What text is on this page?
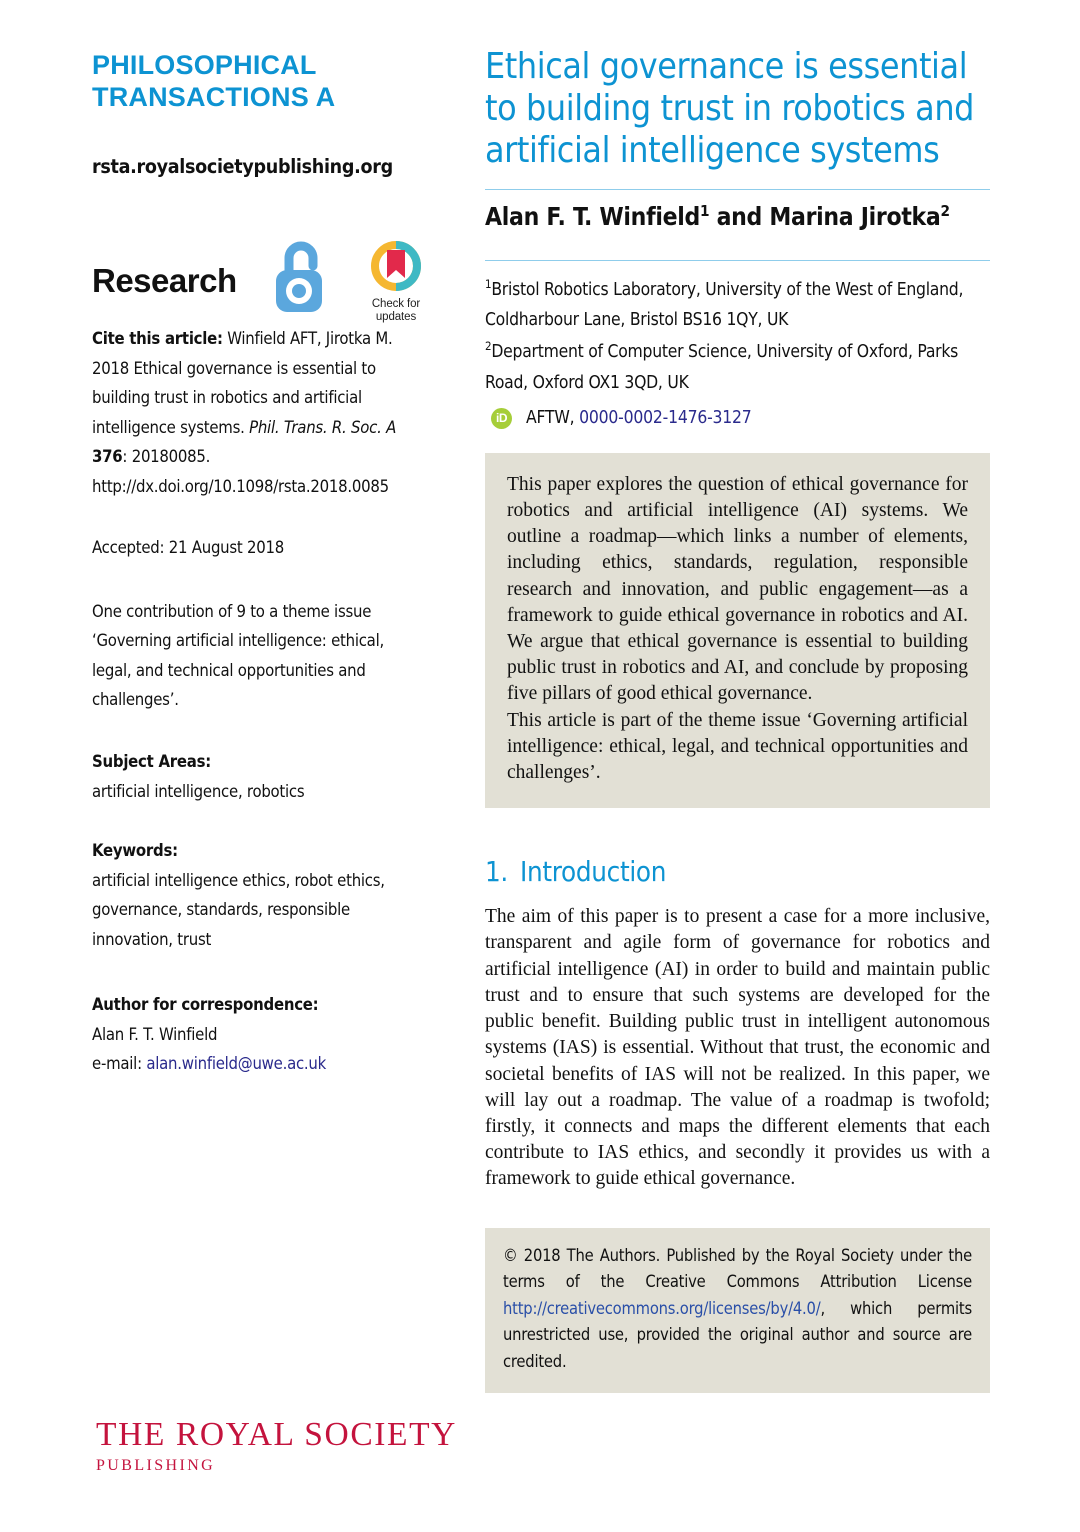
PHILOSOPHICAL
TRANSACTIONS A
rsta.royalsocietypublishing.org
Research
Check for
updates
Cite this article: Winfield AFT, Jirotka M. 2018 Ethical governance is essential to building trust in robotics and artificial intelligence systems. Phil. Trans. R. Soc. A 376: 20180085.
http://dx.doi.org/10.1098/rsta.2018.0085
Accepted: 21 August 2018
One contribution of 9 to a theme issue ‘Governing artificial intelligence: ethical, legal, and technical opportunities and challenges’.
Subject Areas:
artificial intelligence, robotics
Keywords:
artificial intelligence ethics, robot ethics, governance, standards, responsible innovation, trust
Author for correspondence:
Alan F. T. Winfield
e-mail: alan.winfield@uwe.ac.uk
THE ROYAL SOCIETY
PUBLISHING
Ethical governance is essential to building trust in robotics and artificial intelligence systems
Alan F. T. Winfield$^1$ and Marina Jirotka$^2$
$^1$Bristol Robotics Laboratory, University of the West of England, Coldharbour Lane, Bristol BS16 1QY, UK
$^2$Department of Computer Science, University of Oxford, Parks Road, Oxford OX1 3QD, UK
iD AFTW, 0000-0002-1476-3127

This paper explores the question of ethical governance for robotics and artificial intelligence (AI) systems. We outline a roadmap—which links a number of elements, including ethics, standards, regulation, responsible research and innovation, and public engagement—as a framework to guide ethical governance in robotics and AI. We argue that ethical governance is essential to building public trust in robotics and AI, and conclude by proposing five pillars of good ethical governance.

This article is part of the theme issue ‘Governing artificial intelligence: ethical, legal, and technical opportunities and challenges’.

1. Introduction

The aim of this paper is to present a case for a more inclusive, transparent and agile form of governance for robotics and artificial intelligence (AI) in order to build and maintain public trust and to ensure that such systems are developed for the public benefit. Building public trust in intelligent autonomous systems (IAS) is essential. Without that trust, the economic and societal benefits of IAS will not be realized. In this paper, we will lay out a roadmap. The value of a roadmap is twofold; firstly, it connects and maps the different elements that each contribute to IAS ethics, and secondly it provides us with a framework to guide ethical governance.

© 2018 The Authors. Published by the Royal Society under the terms of the Creative Commons Attribution License http://creativecommons.org/licenses/by/4.0/, which permits unrestricted use, provided the original author and source are credited.
